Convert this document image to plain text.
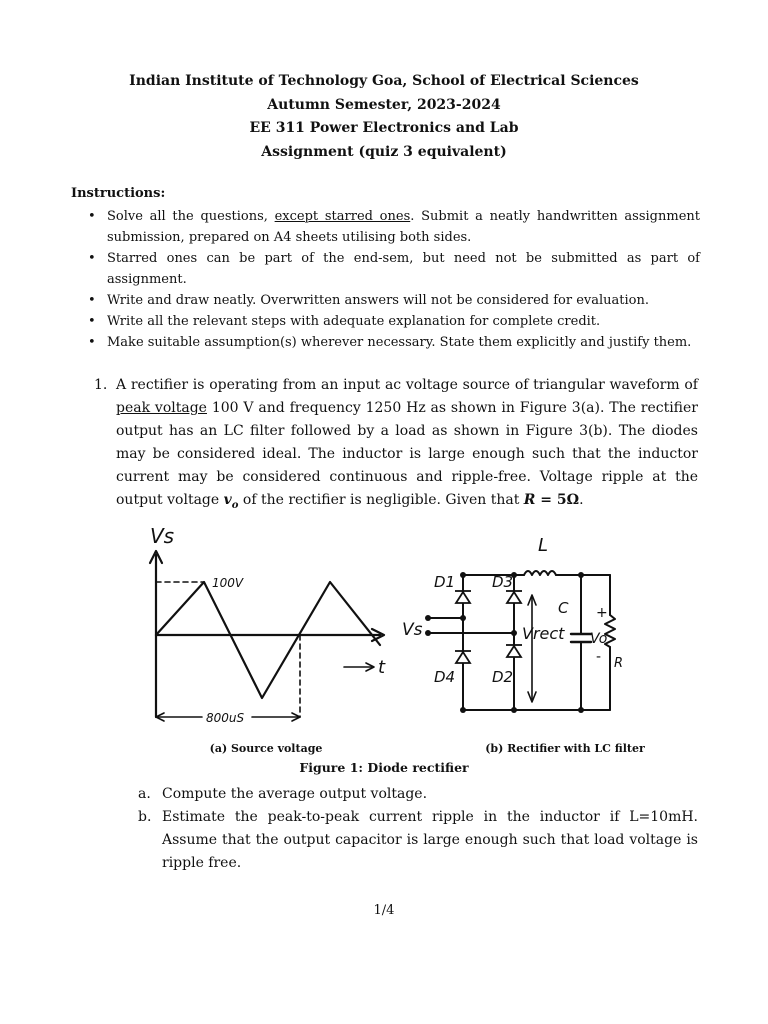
Indian Institute of Technology Goa, School of Electrical Sciences
Autumn Semester, 2023-2024
EE 311 Power Electronics and Lab
Assignment (quiz 3 equivalent)
Instructions:
• Solve all the questions, except starred ones. Submit a neatly handwritten assignment submission, prepared on A4 sheets utilising both sides.
• Starred ones can be part of the end-sem, but need not be submitted as part of assignment.
• Write and draw neatly. Overwritten answers will not be considered for evaluation.
• Write all the relevant steps with adequate explanation for complete credit.
• Make suitable assumption(s) wherever necessary. State them explicitly and justify them.
1. A rectifier is operating from an input ac voltage source of triangular waveform of peak voltage 100 V and frequency 1250 Hz as shown in Figure 3(a). The rectifier output has an LC filter followed by a load as shown in Figure 3(b). The diodes may be considered ideal. The inductor is large enough such that the inductor current may be considered continuous and ripple-free. Voltage ripple at the output voltage $v_o$ of the rectifier is negligible. Given that R = 5Ω.
Vs
100V
800uS
t
D1 D3
D4 D2
L
C
R
Vs	Vrect Vo
+
-
(a) Source voltage	(b) Rectifier with LC filter
Figure 1: Diode rectifier
a. Compute the average output voltage.
b. Estimate the peak-to-peak current ripple in the inductor if L=10mH. Assume that the output capacitor is large enough such that load voltage is ripple free.
1/4
